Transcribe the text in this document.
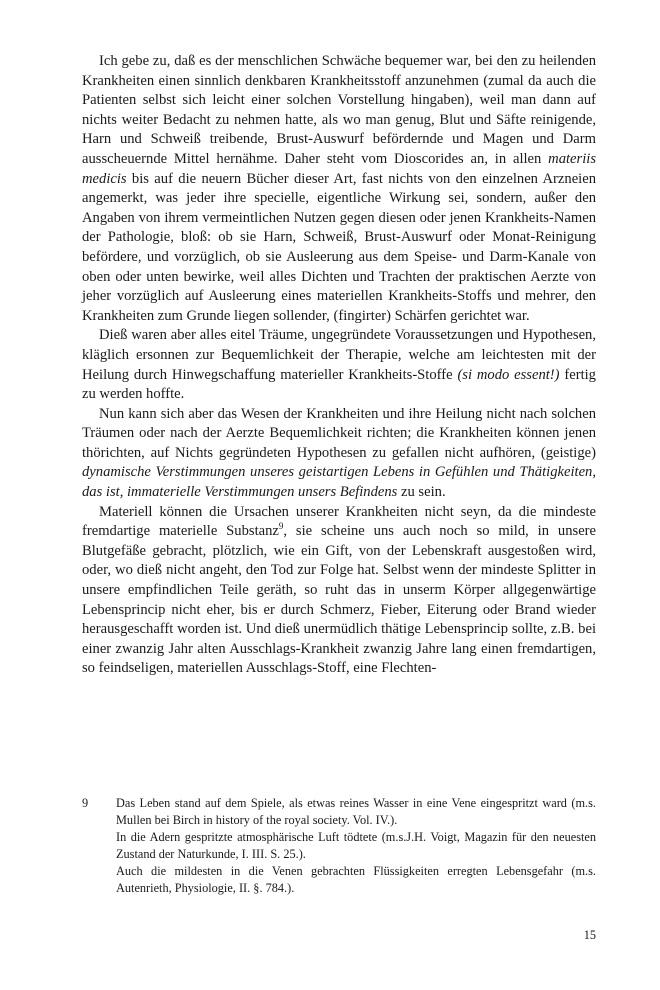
Ich gebe zu, daß es der menschlichen Schwäche bequemer war, bei den zu heilenden Krankheiten einen sinnlich denkbaren Krankheitsstoff anzunehmen (zumal da auch die Patienten selbst sich leicht einer solchen Vorstellung hingaben), weil man dann auf nichts weiter Bedacht zu nehmen hatte, als wo man genug, Blut und Säfte reinigende, Harn und Schweiß treibende, Brust-Auswurf befördernde und Magen und Darm ausscheuernde Mittel hernähme. Daher steht vom Dioscorides an, in allen materiis medicis bis auf die neuern Bücher dieser Art, fast nichts von den einzelnen Arzneien angemerkt, was jeder ihre specielle, eigentliche Wirkung sei, sondern, außer den Angaben von ihrem vermeintlichen Nutzen gegen diesen oder jenen Krankheits-Namen der Pathologie, bloß: ob sie Harn, Schweiß, Brust-Auswurf oder Monat-Reinigung befördere, und vorzüglich, ob sie Ausleerung aus dem Speise- und Darm-Kanale von oben oder unten bewirke, weil alles Dichten und Trachten der praktischen Aerzte von jeher vorzüglich auf Ausleerung eines materiellen Krankheits-Stoffs und mehrer, den Krankheiten zum Grunde liegen sollender, (fingirter) Schärfen gerichtet war.

Dieß waren aber alles eitel Träume, ungegründete Voraussetzungen und Hypothesen, kläglich ersonnen zur Bequemlichkeit der Therapie, welche am leichtesten mit der Heilung durch Hinwegschaffung materieller Krankheits-Stoffe (si modo essent!) fertig zu werden hoffte.

Nun kann sich aber das Wesen der Krankheiten und ihre Heilung nicht nach solchen Träumen oder nach der Aerzte Bequemlichkeit richten; die Krankheiten können jenen thörichten, auf Nichts gegründeten Hypothesen zu gefallen nicht aufhören, (geistige) dynamische Verstimmungen unseres geistartigen Lebens in Gefühlen und Thätigkeiten, das ist, immaterielle Verstimmungen unsers Befindens zu sein.

Materiell können die Ursachen unserer Krankheiten nicht seyn, da die mindeste fremdartige materielle Substanz$^9$, sie scheine uns auch noch so mild, in unsere Blutgefäße gebracht, plötzlich, wie ein Gift, von der Lebenskraft ausgestoßen wird, oder, wo dieß nicht angeht, den Tod zur Folge hat. Selbst wenn der mindeste Splitter in unsere empfindlichen Teile geräth, so ruht das in unserm Körper allgegenwärtige Lebensprincip nicht eher, bis er durch Schmerz, Fieber, Eiterung oder Brand wieder herausgeschafft worden ist. Und dieß unermüdlich thätige Lebensprincip sollte, z.B. bei einer zwanzig Jahr alten Ausschlags-Krankheit zwanzig Jahre lang einen fremdartigen, so feindseligen, materiellen Ausschlags-Stoff, eine Flechten-

9 Das Leben stand auf dem Spiele, als etwas reines Wasser in eine Vene eingespritzt ward (m.s. Mullen bei Birch in history of the royal society. Vol. IV.).
In die Adern gespritzte atmosphärische Luft tödtete (m.s.J.H. Voigt, Magazin für den neuesten Zustand der Naturkunde, I. III. S. 25.).
Auch die mildesten in die Venen gebrachten Flüssigkeiten erregten Lebensgefahr (m.s. Autenrieth, Physiologie, II. §. 784.).
15
